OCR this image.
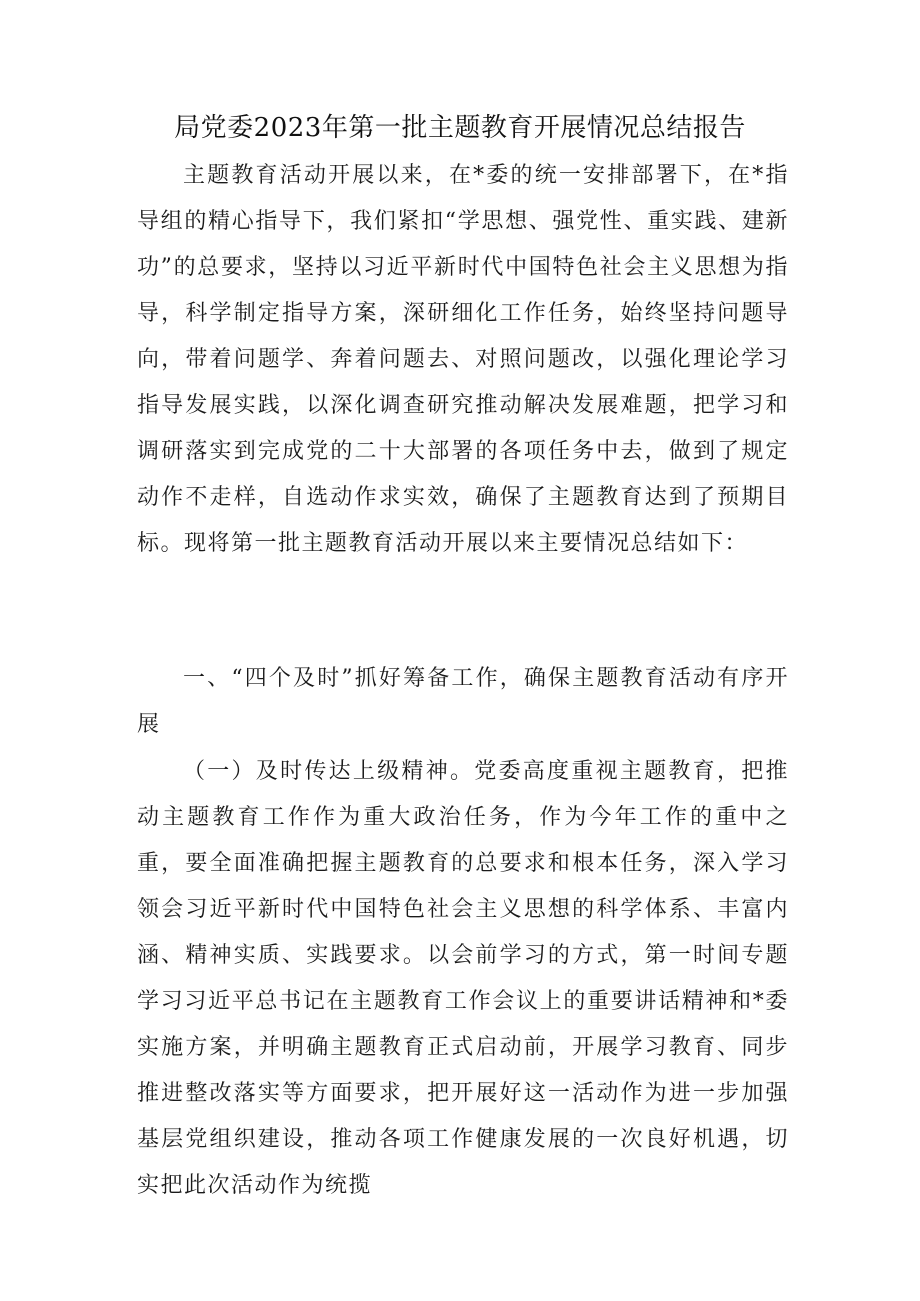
局党委2023年第一批主题教育开展情况总结报告

主题教育活动开展以来，在*委的统一安排部署下，在*指导组的精心指导下，我们紧扣“学思想、强党性、重实践、建新功”的总要求，坚持以习近平新时代中国特色社会主义思想为指导，科学制定指导方案，深研细化工作任务，始终坚持问题导向，带着问题学、奔着问题去、对照问题改，以强化理论学习指导发展实践，以深化调查研究推动解决发展难题，把学习和调研落实到完成党的二十大部署的各项任务中去，做到了规定动作不走样，自选动作求实效，确保了主题教育达到了预期目标。现将第一批主题教育活动开展以来主要情况总结如下：

一、“四个及时”抓好筹备工作，确保主题教育活动有序开展

（一）及时传达上级精神。党委高度重视主题教育，把推动主题教育工作作为重大政治任务，作为今年工作的重中之重，要全面准确把握主题教育的总要求和根本任务，深入学习领会习近平新时代中国特色社会主义思想的科学体系、丰富内涵、精神实质、实践要求。以会前学习的方式，第一时间专题学习习近平总书记在主题教育工作会议上的重要讲话精神和*委实施方案，并明确主题教育正式启动前，开展学习教育、同步推进整改落实等方面要求，把开展好这一活动作为进一步加强基层党组织建设，推动各项工作健康发展的一次良好机遇，切实把此次活动作为统揽
